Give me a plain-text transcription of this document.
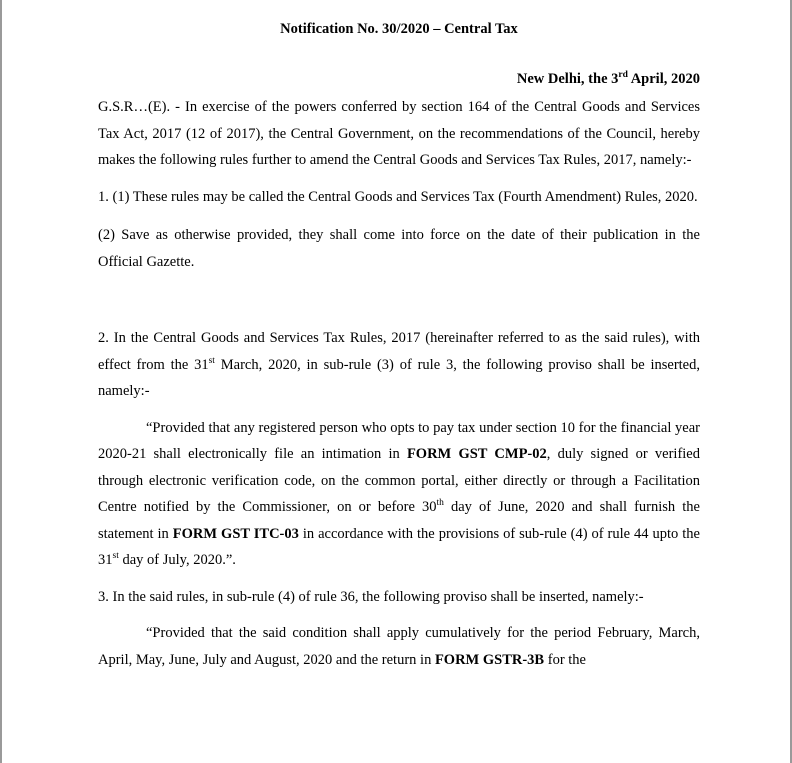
Notification No. 30/2020 – Central Tax

New Delhi, the 3rd April, 2020

G.S.R…(E). - In exercise of the powers conferred by section 164 of the Central Goods and Services Tax Act, 2017 (12 of 2017), the Central Government, on the recommendations of the Council, hereby makes the following rules further to amend the Central Goods and Services Tax Rules, 2017, namely:-

1. (1) These rules may be called the Central Goods and Services Tax (Fourth Amendment) Rules, 2020.

(2) Save as otherwise provided, they shall come into force on the date of their publication in the Official Gazette.

2. In the Central Goods and Services Tax Rules, 2017 (hereinafter referred to as the said rules), with effect from the 31st March, 2020, in sub-rule (3) of rule 3, the following proviso shall be inserted, namely:-

“Provided that any registered person who opts to pay tax under section 10 for the financial year 2020-21 shall electronically file an intimation in FORM GST CMP-02, duly signed or verified through electronic verification code, on the common portal, either directly or through a Facilitation Centre notified by the Commissioner, on or before 30th day of June, 2020 and shall furnish the statement in FORM GST ITC-03 in accordance with the provisions of sub-rule (4) of rule 44 upto the 31st day of July, 2020.”.

3. In the said rules, in sub-rule (4) of rule 36, the following proviso shall be inserted, namely:-

“Provided that the said condition shall apply cumulatively for the period February, March, April, May, June, July and August, 2020 and the return in FORM GSTR-3B for the
